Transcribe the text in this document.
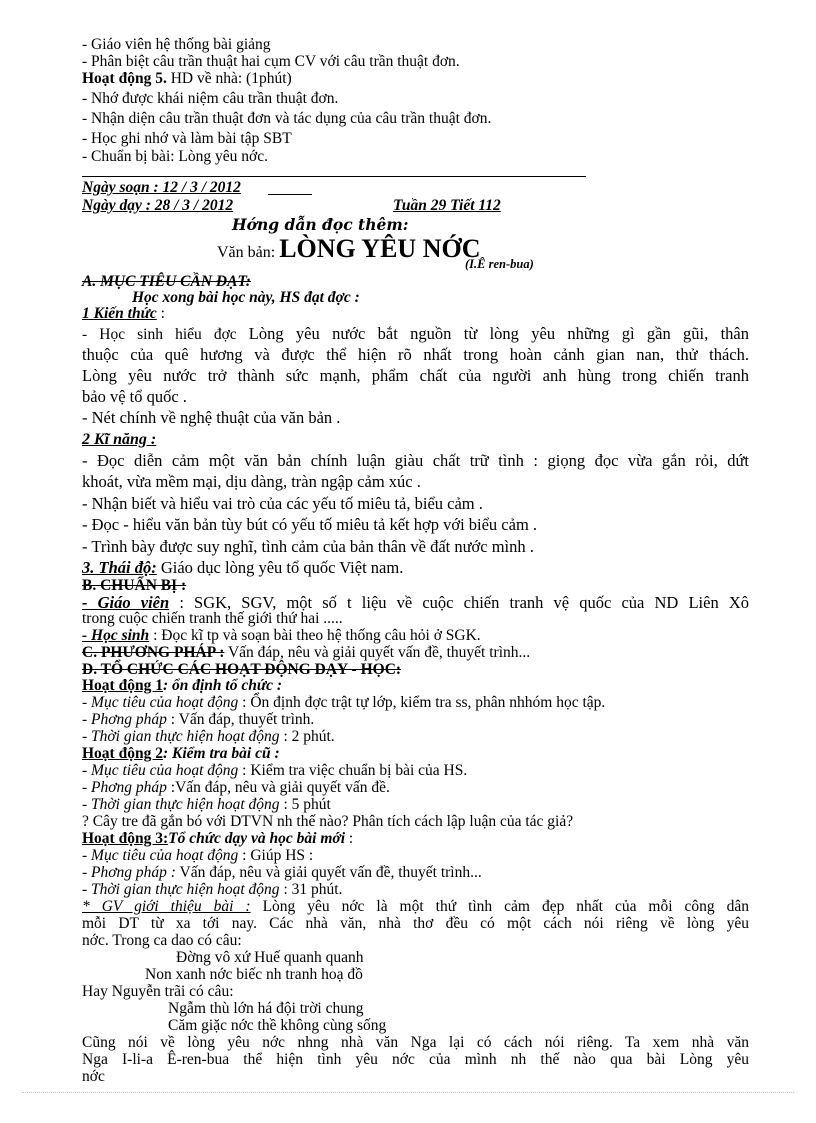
- Giáo viên hệ thống bài giảng
- Phân biệt câu trần thuật hai cụm CV với câu trần thuật đơn.
Hoạt động 5. HD về nhà: (1phút)
- Nhớ được khái niệm câu trần thuật đơn.
- Nhận diện câu trần thuật đơn và tác dụng của câu trần thuật đơn.
- Học ghi nhớ và làm bài tập SBT
- Chuẩn bị bài: Lòng yêu nớc.
Ngày soạn : 12 / 3 / 2012
Ngày dạy : 28 / 3 / 2012	Tuần 29 Tiết 112
Hớng dẫn đọc thêm:
Văn bản: LÒNG YÊU NỚC
(I.Ê ren-bua)
A. MỤC TIÊU CẦN ĐẠT:
Học xong bài học này, HS đạt đợc :
1 Kiến thức :
- Học sinh hiểu đợc Lòng yêu nước bắt nguồn từ lòng yêu những gì gần gũi, thân
thuộc của quê hương và được thể hiện rõ nhất trong hoàn cảnh gian nan, thử thách.
Lòng yêu nước trở thành sức mạnh, phẩm chất của người anh hùng trong chiến tranh
bảo vệ tổ quốc .
- Nét chính về nghệ thuật của văn bản .
2 Kĩ năng :
- Đọc diễn cảm một văn bản chính luận giàu chất trữ tình : giọng đọc vừa gắn rỏi, dứt
khoát, vừa mềm mại, dịu dàng, tràn ngập cảm xúc .
- Nhận biết và hiểu vai trò của các yếu tố miêu tả, biểu cảm .
- Đọc - hiểu văn bản tùy bút có yếu tố miêu tả kết hợp với biểu cảm .
- Trình bày được suy nghĩ, tình cảm của bản thân về đất nước mình .
3. Thái độ: Giáo dục lòng yêu tổ quốc Việt nam.
B. CHUẨN BỊ :
- Giáo viên : SGK, SGV, một số t liệu về cuộc chiến tranh vệ quốc của ND Liên Xô
trong cuộc chiến tranh thế giới thứ hai .....
- Học sinh : Đọc kĩ tp và soạn bài theo hệ thống câu hỏi ở SGK.
C. PHƯƠNG PHÁP : Vấn đáp, nêu và giải quyết vấn đề, thuyết trình...
D. TỔ CHỨC CÁC HOẠT ĐỘNG DẠY - HỌC:
Hoạt động 1: ổn định tổ chức :
- Mục tiêu của hoạt động : Ổn định đợc trật tự lớp, kiểm tra ss, phân nhhóm học tập.
- Phơng pháp : Vấn đáp, thuyết trình.
- Thời gian thực hiện hoạt động : 2 phút.
Hoạt động 2: Kiểm tra bài cũ :
- Mục tiêu của hoạt động : Kiểm tra việc chuẩn bị bài của HS.
- Phơng pháp :Vấn đáp, nêu và giải quyết vấn đề.
- Thời gian thực hiện hoạt động : 5 phút
? Cây tre đã gắn bó với DTVN nh thế nào? Phân tích cách lập luận của tác giả?
Hoạt động 3:Tổ chức dạy và học bài mới :
- Mục tiêu của hoạt động : Giúp HS :
- Phơng pháp : Vấn đáp, nêu và giải quyết vấn đề, thuyết trình...
- Thời gian thực hiện hoạt động : 31 phút.
* GV giới thiệu bài : Lòng yêu nớc là một thứ tình cảm đẹp nhất của mỗi công dân
mỗi DT từ xa tới nay. Các nhà văn, nhà thơ đều có một cách nói riêng về lòng yêu
nớc. Trong ca dao có câu:
Đờng vô xứ Huế quanh quanh
Non xanh nớc biếc nh tranh hoạ đồ
Hay Nguyễn trãi có câu:
Ngẫm thù lớn há đội trời chung
Căm giặc nớc thề không cùng sống
Cũng nói về lòng yêu nớc nhng nhà văn Nga lại có cách nói riêng. Ta xem nhà văn
Nga I-li-a Ê-ren-bua thể hiện tình yêu nớc của mình nh thế nào qua bài Lòng yêu
nớc
